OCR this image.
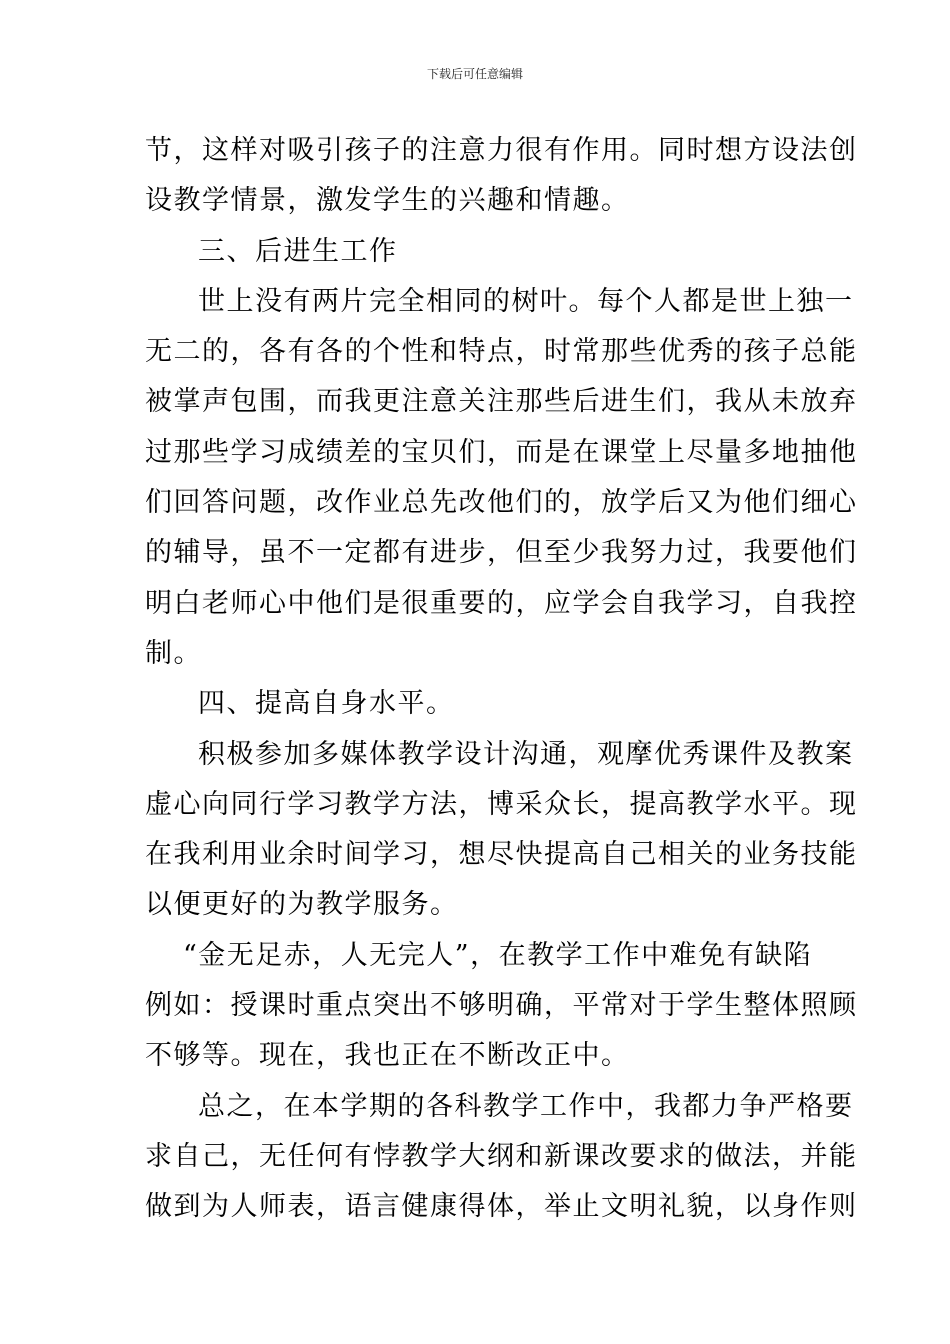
下载后可任意编辑
节，这样对吸引孩子的注意力很有作用。同时想方设法创
设教学情景，激发学生的兴趣和情趣。
三、后进生工作
世上没有两片完全相同的树叶。每个人都是世上独一
无二的，各有各的个性和特点，时常那些优秀的孩子总能
被掌声包围，而我更注意关注那些后进生们，我从未放弃
过那些学习成绩差的宝贝们，而是在课堂上尽量多地抽他
们回答问题，改作业总先改他们的，放学后又为他们细心
的辅导，虽不一定都有进步，但至少我努力过，我要他们
明白老师心中他们是很重要的，应学会自我学习，自我控
制。
四、提高自身水平。
积极参加多媒体教学设计沟通，观摩优秀课件及教案
虚心向同行学习教学方法，博采众长，提高教学水平。现
在我利用业余时间学习，想尽快提高自己相关的业务技能
以便更好的为教学服务。
“金无足赤，人无完人”，在教学工作中难免有缺陷
例如：授课时重点突出不够明确，平常对于学生整体照顾
不够等。现在，我也正在不断改正中。
总之，在本学期的各科教学工作中，我都力争严格要
求自己，无任何有悖教学大纲和新课改要求的做法，并能
做到为人师表，语言健康得体，举止文明礼貌，以身作则
